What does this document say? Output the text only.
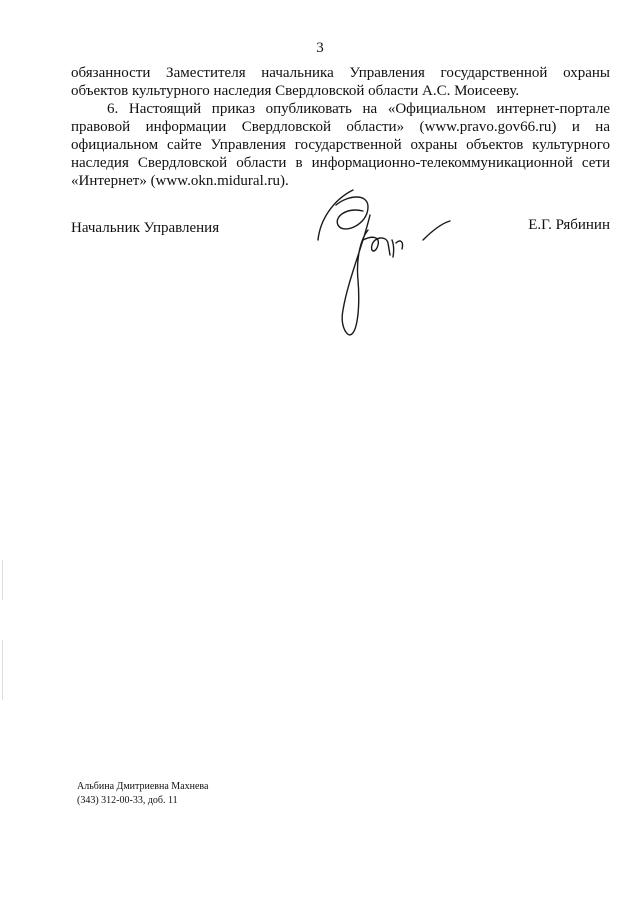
3

обязанности Заместителя начальника Управления государственной охраны объектов культурного наследия Свердловской области А.С. Моисееву.

6. Настоящий приказ опубликовать на «Официальном интернет-портале правовой информации Свердловской области» (www.pravo.gov66.ru) и на официальном сайте Управления государственной охраны объектов культурного наследия Свердловской области в информационно-телекоммуникационной сети «Интернет» (www.okn.midural.ru).

Начальник Управления	Е.Г. Рябинин
Альбина Дмитриевна Махнева
(343) 312-00-33, доб. 11
